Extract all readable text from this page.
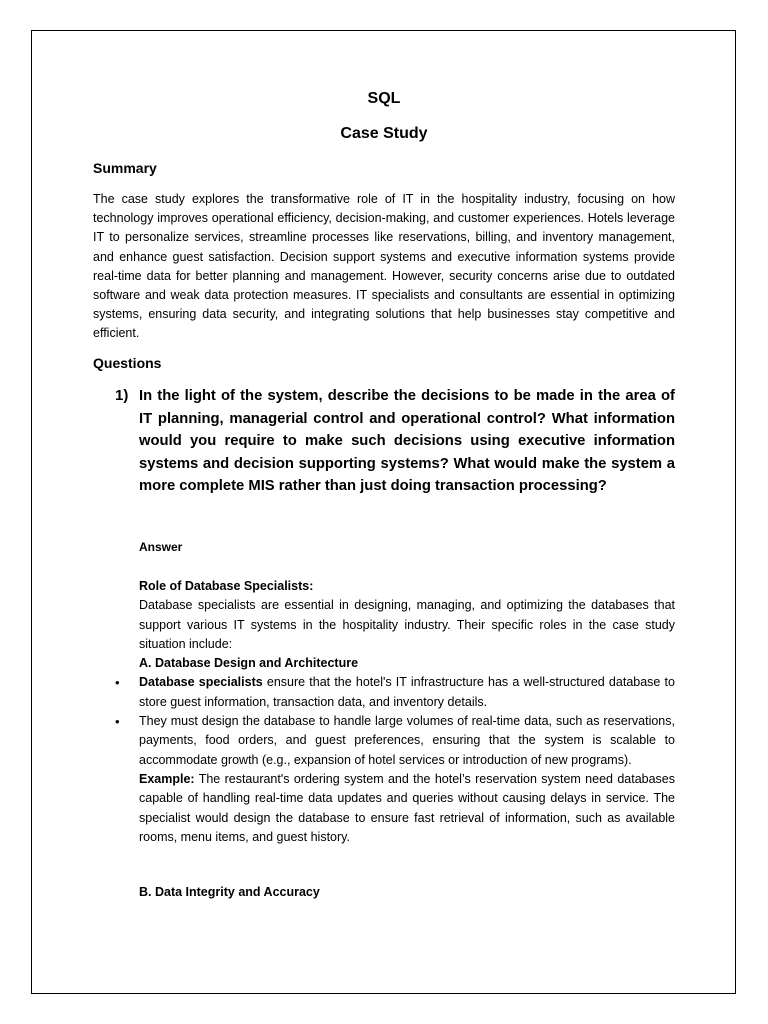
SQL
Case Study
Summary

The case study explores the transformative role of IT in the hospitality industry, focusing on how technology improves operational efficiency, decision-making, and customer experiences. Hotels leverage IT to personalize services, streamline processes like reservations, billing, and inventory management, and enhance guest satisfaction. Decision support systems and executive information systems provide real-time data for better planning and management. However, security concerns arise due to outdated software and weak data protection measures. IT specialists and consultants are essential in optimizing systems, ensuring data security, and integrating solutions that help businesses stay competitive and efficient.

Questions
1) In the light of the system, describe the decisions to be made in the area of IT planning, managerial control and operational control? What information would you require to make such decisions using executive information systems and decision supporting systems? What would make the system a more complete MIS rather than just doing transaction processing?

Answer

Role of Database Specialists:

Database specialists are essential in designing, managing, and optimizing the databases that support various IT systems in the hospitality industry. Their specific roles in the case study situation include:

A. Database Design and Architecture

• Database specialists ensure that the hotel's IT infrastructure has a well-structured database to store guest information, transaction data, and inventory details.
• They must design the database to handle large volumes of real-time data, such as reservations, payments, food orders, and guest preferences, ensuring that the system is scalable to accommodate growth (e.g., expansion of hotel services or introduction of new programs).

Example: The restaurant's ordering system and the hotel’s reservation system need databases capable of handling real-time data updates and queries without causing delays in service. The specialist would design the database to ensure fast retrieval of information, such as available rooms, menu items, and guest history.

B. Data Integrity and Accuracy
